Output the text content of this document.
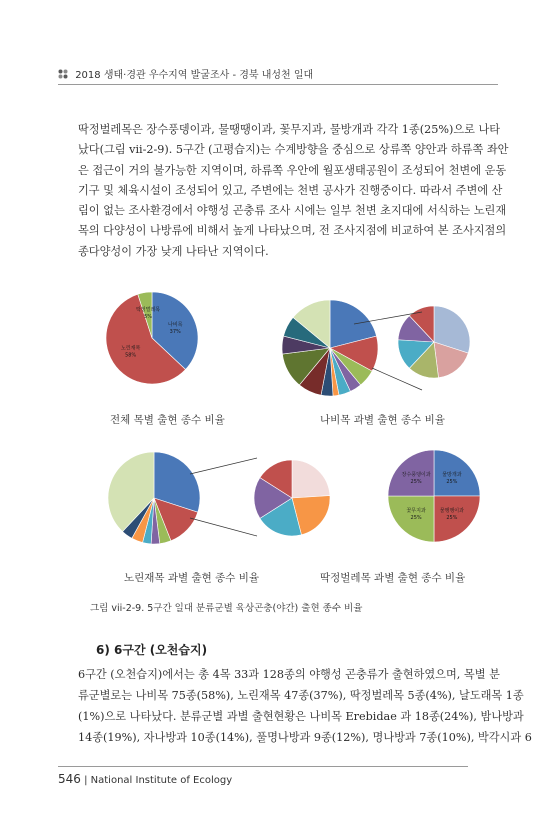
2018 생태·경관 우수지역 발굴조사 - 경북 내성천 일대
딱정벌레목은 장수풍뎅이과, 물땡땡이과, 꽃무지과, 물방개과 각각 1종(25%)으로 나타
났다(그림 vii-2-9). 5구간 (고평습지)는 수계방향을 중심으로 상류쪽 양안과 하류쪽 좌안
은 접근이 거의 불가능한 지역이며, 하류쪽 우안에 월포생태공원이 조성되어 천변에 운동
기구 및 체육시설이 조성되어 있고, 주변에는 천변 공사가 진행중이다. 따라서 주변에 산
림이 없는 조사환경에서 야행성 곤충류 조사 시에는 일부 천변 초지대에 서식하는 노린재
목의 다양성이 나방류에 비해서 높게 나타났으며, 전 조사지점에 비교하여 본 조사지점의
종다양성이 가장 낮게 나타난 지역이다.
나비목
37%
노린재목
58%
딱정벌레목
5%
물방개과
25%
물땡땡이과
25%
꽃무지과
25%
장수풍뎅이과
25%
전체 목별 출현 종수 비율	나비목 과별 출현 종수 비율
노린재목 과별 출현 종수 비율	딱정벌레목 과별 출현 종수 비율
그림 vii-2-9. 5구간 일대 분류군별 육상곤충(야간) 출현 종수 비율
6) 6구간 (오천습지)
6구간 (오천습지)에서는 총 4목 33과 128종의 야행성 곤충류가 출현하였으며, 목별 분
류군별로는 나비목 75종(58%), 노린재목 47종(37%), 딱정벌레목 5종(4%), 날도래목 1종
(1%)으로 나타났다. 분류군별 과별 출현현황은 나비목 Erebidae 과 18종(24%), 밤나방과
14종(19%), 자나방과 10종(14%), 풀명나방과 9종(12%), 명나방과 7종(10%), 박각시과 6
546 | National Institute of Ecology
